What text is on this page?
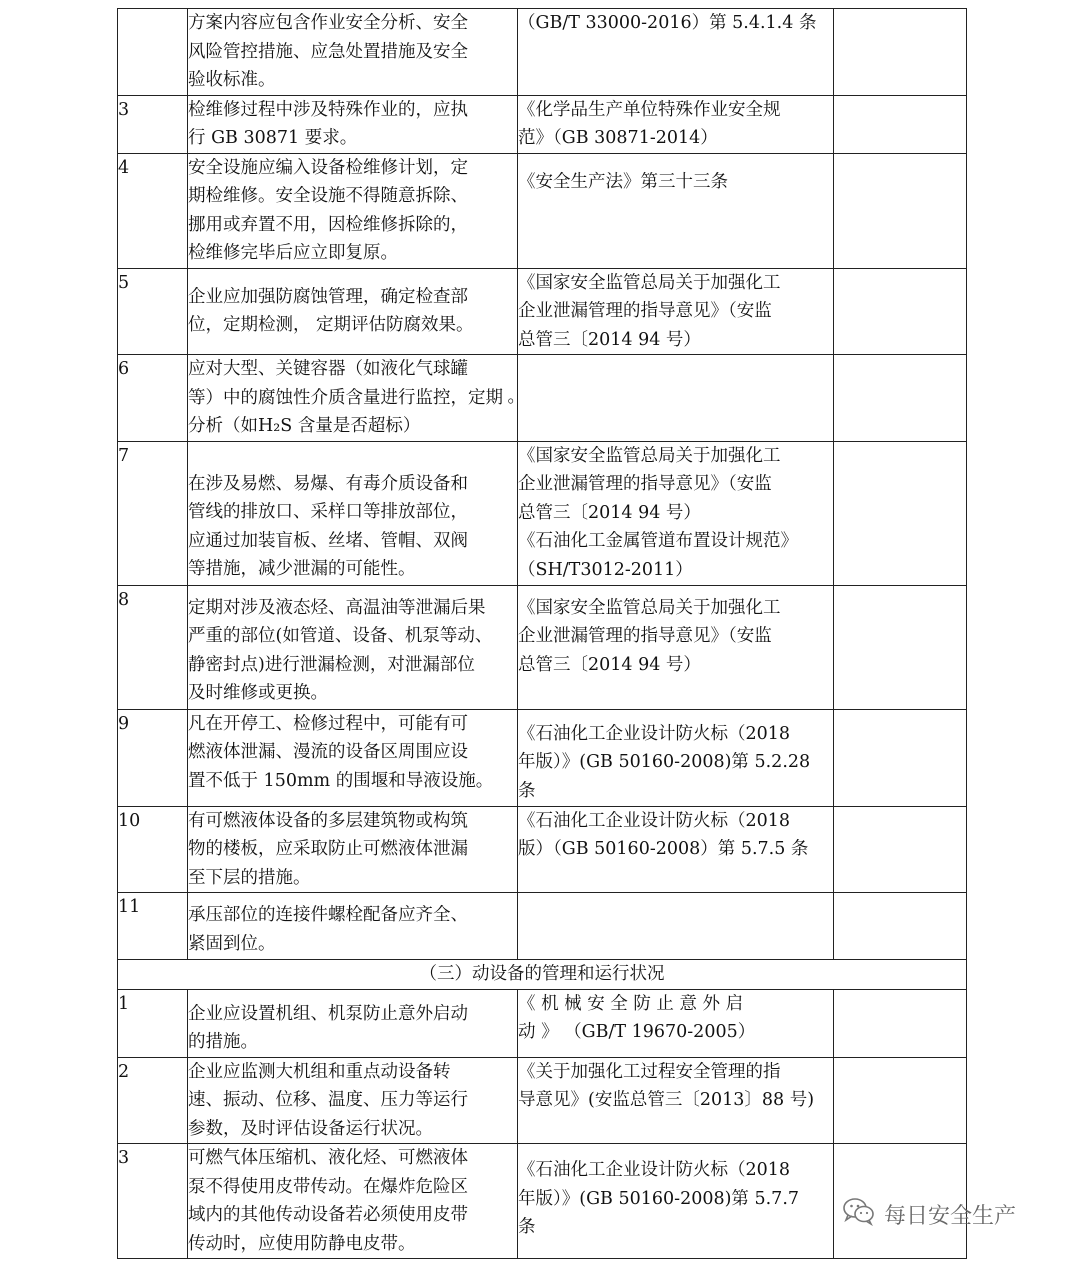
	方案内容应包含作业安全分析、安全
风险管控措施、应急处置措施及安全
验收标准。	（GB/T 33000-2016）第 5.4.1.4 条	

3	检维修过程中涉及特殊作业的，应执
行 GB 30871 要求。	《化学品生产单位特殊作业安全规
范》（GB 30871-2014）	

4	安全设施应编入设备检维修计划，定
期检维修。安全设施不得随意拆除、
挪用或弃置不用，因检维修拆除的，
检维修完毕后应立即复原。	《安全生产法》第三十三条	

5	企业应加强防腐蚀管理，确定检查部
位，定期检测， 定期评估防腐效果。	《国家安全监管总局关于加强化工
企业泄漏管理的指导意见》（安监
总管三〔2014 94 号）	

6	应对大型、关键容器（如液化气球罐
等）中的腐蚀性介质含量进行监控，定期
分析（如H₂S 含量是否超标）
。		

7	在涉及易燃、易爆、有毒介质设备和
管线的排放口、采样口等排放部位，
应通过加装盲板、丝堵、管帽、双阀
等措施，减少泄漏的可能性。	《国家安全监管总局关于加强化工
企业泄漏管理的指导意见》（安监
总管三〔2014 94 号）
《石油化工金属管道布置设计规范》
（SH/T3012-2011）	

8	定期对涉及液态烃、高温油等泄漏后果
严重的部位(如管道、设备、机泵等动、
静密封点)进行泄漏检测，对泄漏部位
及时维修或更换。	《国家安全监管总局关于加强化工
企业泄漏管理的指导意见》（安监
总管三〔2014 94 号）	

9	凡在开停工、检修过程中，可能有可
燃液体泄漏、漫流的设备区周围应设
置不低于 150mm 的围堰和导液设施。	《石油化工企业设计防火标（2018
年版）》(GB 50160-2008)第 5.2.28
条	

10	有可燃液体设备的多层建筑物或构筑
物的楼板，应采取防止可燃液体泄漏
至下层的措施。	《石油化工企业设计防火标（2018
版）（GB 50160-2008）第 5.7.5 条	

11	承压部位的连接件螺栓配备应齐全、
紧固到位。		

（三）动设备的管理和运行状况			
1	企业应设置机组、机泵防止意外启动
的措施。	《 机 械 安 全 防 止 意 外 启
动 》 （GB/T 19670-2005）	

2	企业应监测大机组和重点动设备转
速、振动、位移、温度、压力等运行
参数，及时评估设备运行状况。	《关于加强化工过程安全管理的指
导意见》(安监总管三〔2013〕88 号)	

3	可燃气体压缩机、液化烃、可燃液体
泵不得使用皮带传动。在爆炸危险区
域内的其他传动设备若必须使用皮带
传动时，应使用防静电皮带。	《石油化工企业设计防火标（2018
年版）》(GB 50160-2008)第 5.7.7
条	
		每日安全生产
